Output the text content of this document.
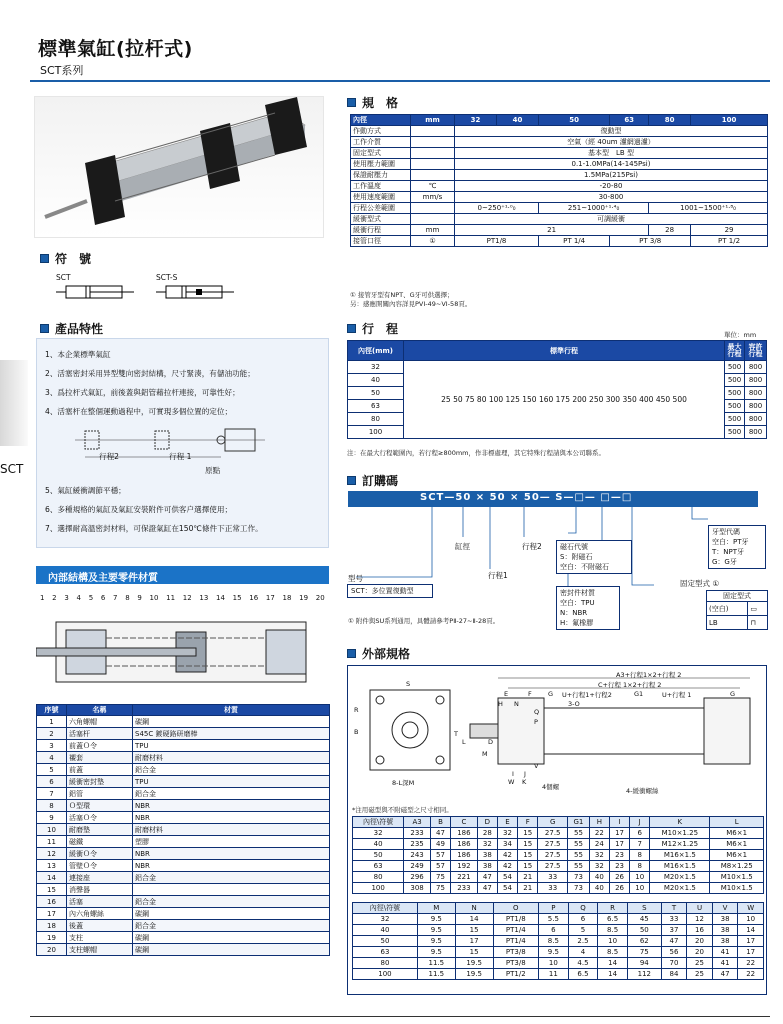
標準氣缸(拉杆式)
SCT系列
SCT
符　號
SCT	SCT-S
產品特性
1、本企業標準氣缸
2、活塞密封采用异型雙向密封結構，尺寸緊湊，有儲油功能；
3、爲拉杆式氣缸，前後蓋與鋁管藉拉杆連接，可靠性好；
4、活塞杆在整個運動過程中，可實現多個位置的定位；
行程2	行程 1
原點
5、氣缸緩衝調節平穩；
6、多種規格的氣缸及氣缸安裝附件可供客户選擇使用；
7、選擇耐高溫密封材料，可保證氣缸在150℃條件下正常工作。
內部結構及主要零件材質
1 2 3 4 5 6 7 8 9 10 11 12 13 14 15 16 17 18 19 20
序號	名稱	材質
1	六角螺帽	碳鋼
2	活塞杆	S45C 鍍硬鉻研磨棒
3	前蓋Ｏ令	TPU
4	襯套	耐磨材料
5	前蓋	鋁合金
6	緩衝密封墊	TPU
7	鋁管	鋁合金
8	Ｏ型環	NBR
9	活塞Ｏ令	NBR
10	耐磨墊	耐磨材料
11	磁鐵	塑膠
12	緩衝Ｏ令	NBR
13	管壁Ｏ令	NBR
14	連接座	鋁合金
15	消聲器	
16	活塞	鋁合金
17	內六角螺絲	碳鋼
18	後蓋	鋁合金
19	支柱	碳鋼
20	支柱螺帽	碳鋼
規　格
內徑	mm	32	40	50	63	80	100
作動方式		復動型					
工作介質		空氣（經 40um 濾網過濾）					
固定型式		基本型　LB 型					
使用壓力範圍		0.1-1.0MPa(14-145Psi)					
保證耐壓力		1.5MPa(215Psi)					
工作溫度	℃	-20-80					
使用速度範圍	mm/s	30-800					
行程公差範圍		0~250⁺¹·⁰₀		251~1000⁺¹·⁴₀		1001~1500⁺¹·⁸₀	
緩衝型式		可調緩衝					
緩衝行程	mm	21				28	29
接管口徑	①	PT1/8		PT 1/4	PT 3/8		PT 1/2
① 接管牙型有NPT、G牙可供選擇；
另：感應開關內容詳見PVI-49~VI-58頁。
行　程	單位：mm
內徑(mm)	標準行程	最大行程	容許行程
32	25 50 75 80 100 125 150 160 175 200 250 300 350 400 450 500	500	800
40		500	800
50		500	800
63		500	800
80		500	800
100		500	800
注：在最大行程範圍內，若行程≥800mm，作非標處理，其它特殊行程請與本公司聯系。
訂購碼
SCT—50 × 50 × 50— S—□— □—□
缸徑	行程2
行程1
磁石代號
S：附磁石
空白：不附磁石
密封件材質
空白：TPU
N：NBR
H：氟橡膠
型号
SCT：多位置復動型
牙型代碼
空白：PT牙
T：NPT牙
G：G牙
固定型式 ①
固定型式	
(空白)	▭
LB	⊓
① 附件與SU系列通用，具體請參考PⅡ-27~Ⅱ-28頁。
外部規格
A3+行程1×2+行程 2
C+行程 1×2+行程 2
E	F	G U+行程1+行程2	G1	U+行程 1	G
S
H N	3-O
Q
P
R
D
M
T
B
I J
V
K
W
L
8-L深M	4個螺	4-緩衝螺絲
*注用磁型與不附磁型之尺寸相同。
內徑\符號	A3	B	C	D	E	F	G	G1	H	I	J	K	L
32	233	47	186	28	32	15	27.5	55	22	17	6	M10×1.25	M6×1
40	235	49	186	32	34	15	27.5	55	24	17	7	M12×1.25	M6×1
50	243	57	186	38	42	15	27.5	55	32	23	8	M16×1.5	M6×1
63	249	57	192	38	42	15	27.5	55	32	23	8	M16×1.5	M8×1.25
80	296	75	221	47	54	21	33	73	40	26	10	M20×1.5	M10×1.5
100	308	75	233	47	54	21	33	73	40	26	10	M20×1.5	M10×1.5
內徑\符號	M	N	O	P	Q	R	S	T	U	V	W
32	9.5	14	PT1/8	5.5	6	6.5	45	33	12	38	10
40	9.5	15	PT1/4	6	5	8.5	50	37	16	38	14
50	9.5	17	PT1/4	8.5	2.5	10	62	47	20	38	17
63	9.5	15	PT3/8	9.5	4	8.5	75	56	20	41	17
80	11.5	19.5	PT3/8	10	4.5	14	94	70	25	41	22
100	11.5	19.5	PT1/2	11	6.5	14	112	84	25	47	22
